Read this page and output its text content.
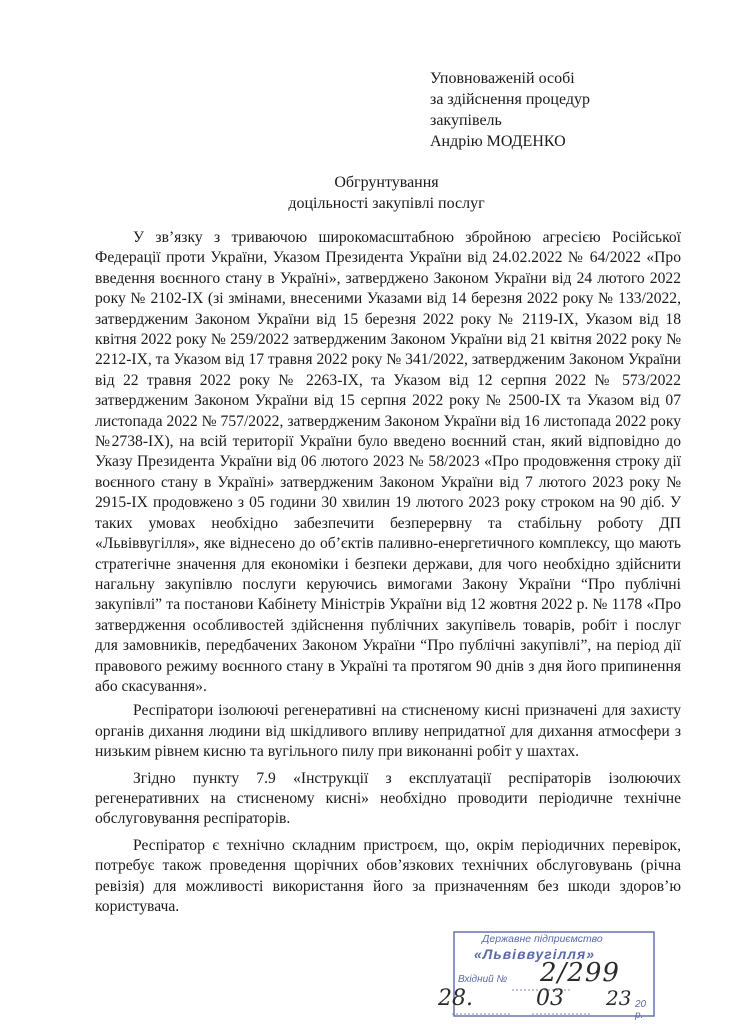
Уповноваженій особі
за здійснення процедур
закупівель
Андрію МОДЕНКО
Обгрунтування
доцільності закупівлі послуг

У зв’язку з триваючою широкомасштабною збройною агресією Російської Федерації проти України, Указом Президента України від 24.02.2022 № 64/2022 «Про введення воєнного стану в Україні», затверджено Законом України від 24 лютого 2022 року № 2102-IX (зі змінами, внесеними Указами від 14 березня 2022 року № 133/2022, затвердженим Законом України від 15 березня 2022 року № 2119-IX, Указом від 18 квітня 2022 року № 259/2022 затвердженим Законом України від 21 квітня 2022 року № 2212-IX, та Указом від 17 травня 2022 року № 341/2022, затвердженим Законом України від 22 травня 2022 року № 2263-IX, та Указом від 12 серпня 2022 № 573/2022 затвердженим Законом України від 15 серпня 2022 року № 2500-IX та Указом від 07 листопада 2022 № 757/2022, затвердженим Законом України від 16 листопада 2022 року №2738-IX), на всій території України було введено воєнний стан, який відповідно до Указу Президента України від 06 лютого 2023 № 58/2023 «Про продовження строку дії воєнного стану в Україні» затвердженим Законом України від 7 лютого 2023 року № 2915-IX продовжено з 05 години 30 хвилин 19 лютого 2023 року строком на 90 діб. У таких умовах необхідно забезпечити безперервну та стабільну роботу ДП «Львіввугілля», яке віднесено до об’єктів паливно-енергетичного комплексу, що мають стратегічне значення для економіки і безпеки держави, для чого необхідно здійснити нагальну закупівлю послуги керуючись вимогами Закону України “Про публічні закупівлі” та постанови Кабінету Міністрів України від 12 жовтня 2022 р. № 1178 «Про затвердження особливостей здійснення публічних закупівель товарів, робіт і послуг для замовників, передбачених Законом України “Про публічні закупівлі”, на період дії правового режиму воєнного стану в Україні та протягом 90 днів з дня його припинення або скасування».

Респіратори ізолюючі регенеративні на стисненому кисні призначені для захисту органів дихання людини від шкідливого впливу непридатної для дихання атмосфери з низьким рівнем кисню та вугільного пилу при виконанні робіт у шахтах.

Згідно пункту 7.9 «Інструкції з експлуатації респіраторів ізолюючих регенеративних на стисненому кисні» необхідно проводити періодичне технічне обслуговування респіраторів.

Респіратор є технічно складним пристроєм, що, окрім періодичних перевірок, потребує також проведення щорічних обов’язкових технічних обслуговувань (річна ревізія) для можливості використання його за призначенням без шкоди здоров’ю користувача.

Державне підприємство
«Львіввугілля»
Вхідний № 2/299
28.	03	20 р.
23
